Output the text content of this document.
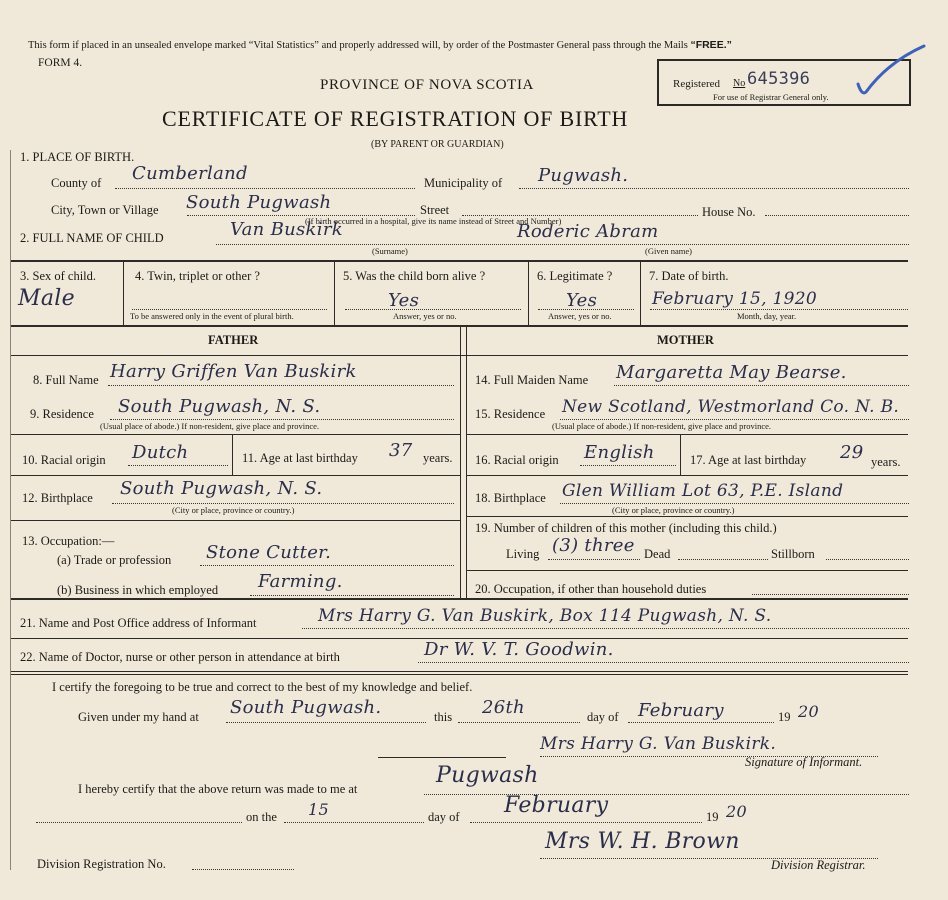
This form if placed in an unsealed envelope marked “Vital Statistics” and properly addressed will, by order of the Postmaster General pass through the Mails “FREE.”
FORM 4.
PROVINCE OF NOVA SCOTIA
CERTIFICATE OF REGISTRATION OF BIRTH
(BY PARENT OR GUARDIAN)
Registered No 645396
For use of Registrar General only.
1. PLACE OF BIRTH.
County of Cumberland	Municipality of Pugwash.
City, Town or Village South Pugwash	Street	House No.
(If birth occurred in a hospital, give its name instead of Street and Number)
2. FULL NAME OF CHILD	Van Buskirk	Roderic Abram
(Surname)	(Given name)
3. Sex of child.
Male
4. Twin, triplet or other ?
To be answered only in the event of plural birth.
5. Was the child born alive ?
Yes
Answer, yes or no.
6. Legitimate ?
Yes
Answer, yes or no.
7. Date of birth.
February 15, 1920
Month, day, year.
FATHER	MOTHER
8. Full Name Harry Griffen Van Buskirk
9. Residence South Pugwash, N. S.
(Usual place of abode.) If non-resident, give place and province.
10. Racial origin Dutch	11. Age at last birthday 37 years.
12. Birthplace South Pugwash, N. S.
(City or place, province or country.)
13. Occupation:—
(a) Trade or profession Stone Cutter.
(b) Business in which employed Farming.
14. Full Maiden Name Margaretta May Bearse.
15. Residence New Scotland, Westmorland Co. N. B.
(Usual place of abode.) If non-resident, give place and province.
16. Racial origin English	17. Age at last birthday 29 years.
18. Birthplace Glen William Lot 63, P.E. Island
(City or place, province or country.)
19. Number of children of this mother (including this child.)
Living (3) three Dead	Stillborn
20. Occupation, if other than household duties
21. Name and Post Office address of Informant	Mrs Harry G. Van Buskirk, Box 114 Pugwash, N. S.
22. Name of Doctor, nurse or other person in attendance at birth	Dr W. V. T. Goodwin.
I certify the foregoing to be true and correct to the best of my knowledge and belief.
Given under my hand at South Pugwash.	this 26th	day of February	19 20
Mrs Harry G. Van Buskirk.
Signature of Informant.
I hereby certify that the above return was made to me at
Pugwash
on the 15	day of February	19 20
Mrs W. H. Brown
Division Registrar.
Division Registration No.
